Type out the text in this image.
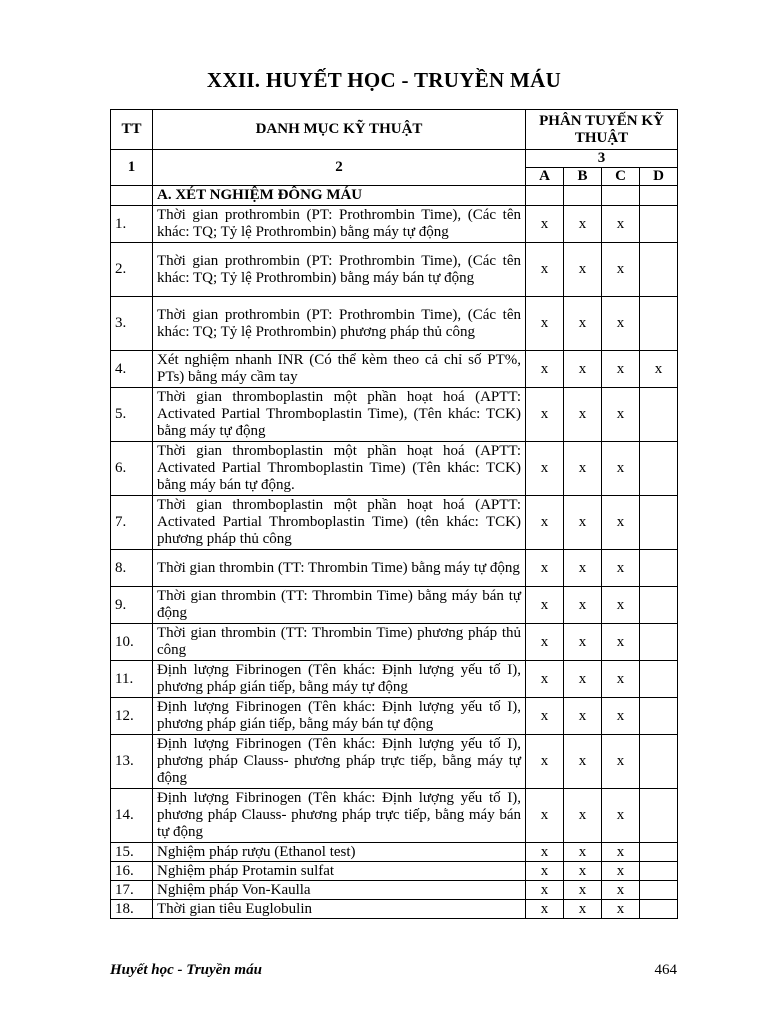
XXII. HUYẾT HỌC - TRUYỀN MÁU
TT	DANH MỤC KỸ THUẬT	PHÂN TUYẾN KỸ THUẬT			
1	2	3			
		A	B	C	D
	A. XÉT NGHIỆM ĐÔNG MÁU				
1.	Thời gian prothrombin (PT: Prothrombin Time), (Các tên khác: TQ; Tỷ lệ Prothrombin) bằng máy tự động	x	x	x	
2.	Thời gian prothrombin (PT: Prothrombin Time), (Các tên khác: TQ; Tỷ lệ Prothrombin) bằng máy bán tự động	x	x	x	
3.	Thời gian prothrombin (PT: Prothrombin Time), (Các tên khác: TQ; Tỷ lệ Prothrombin) phương pháp thủ công	x	x	x	
4.	Xét nghiệm nhanh INR (Có thể kèm theo cả chỉ số PT%, PTs) bằng máy cầm tay	x	x	x	x
5.	Thời gian thromboplastin một phần hoạt hoá (APTT: Activated Partial Thromboplastin Time), (Tên khác: TCK) bằng máy tự động	x	x	x	
6.	Thời gian thromboplastin một phần hoạt hoá (APTT: Activated Partial Thromboplastin Time) (Tên khác: TCK) bằng máy bán tự động.	x	x	x	
7.	Thời gian thromboplastin một phần hoạt hoá (APTT: Activated Partial Thromboplastin Time) (tên khác: TCK) phương pháp thủ công	x	x	x	
8.	Thời gian thrombin (TT: Thrombin Time) bằng máy tự động	x	x	x	
9.	Thời gian thrombin (TT: Thrombin Time) bằng máy bán tự động	x	x	x	
10.	Thời gian thrombin (TT: Thrombin Time) phương pháp thủ công	x	x	x	
11.	Định lượng Fibrinogen (Tên khác: Định lượng yếu tố I), phương pháp gián tiếp, bằng máy tự động	x	x	x	
12.	Định lượng Fibrinogen (Tên khác: Định lượng yếu tố I), phương pháp gián tiếp, bằng máy bán tự động	x	x	x	
13.	Định lượng Fibrinogen (Tên khác: Định lượng yếu tố I), phương pháp Clauss- phương pháp trực tiếp, bằng máy tự động	x	x	x	
14.	Định lượng Fibrinogen (Tên khác: Định lượng yếu tố I), phương pháp Clauss- phương pháp trực tiếp, bằng máy bán tự động	x	x	x	
15.	Nghiệm pháp rượu (Ethanol test)	x	x	x	
16.	Nghiệm pháp Protamin sulfat	x	x	x	
17.	Nghiệm pháp Von-Kaulla	x	x	x	
18.	Thời gian tiêu Euglobulin	x	x	x	
Huyết học - Truyền máu	464
